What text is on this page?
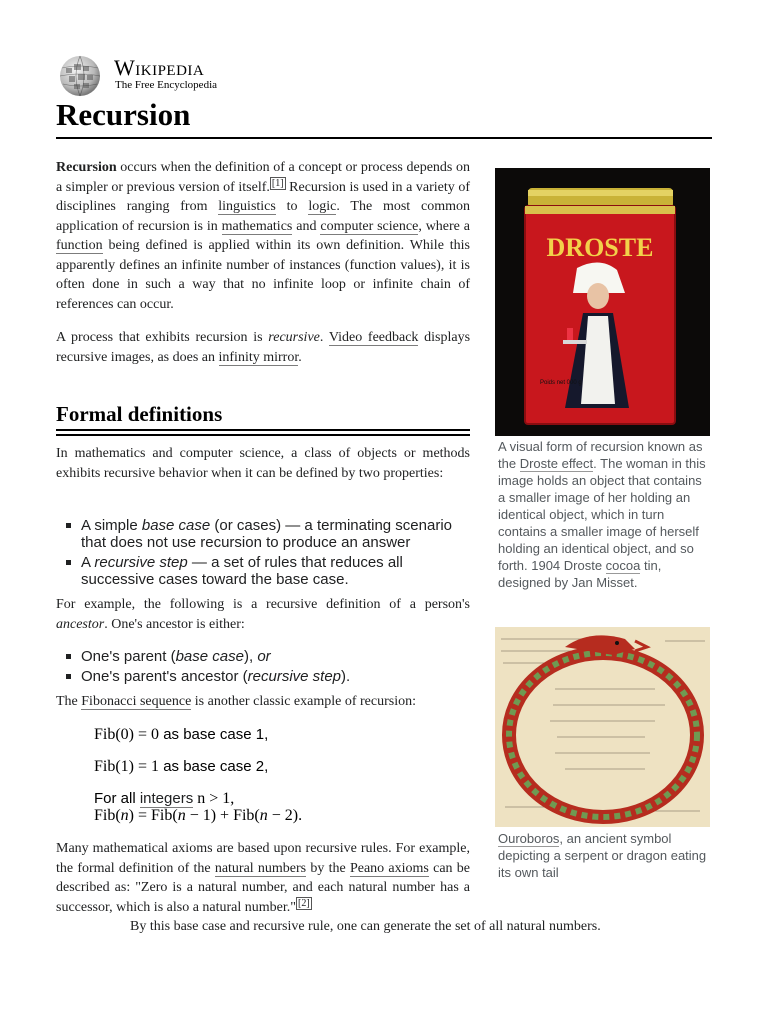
Wikipedia
The Free Encyclopedia
Recursion

Recursion occurs when the definition of a concept or process depends on a simpler or previous version of itself. [1] Recursion is used in a variety of disciplines ranging from linguistics to logic. The most common application of recursion is in mathematics and computer science, where a function being defined is applied within its own definition. While this apparently defines an infinite number of instances (function values), it is often done in such a way that no infinite loop or infinite chain of references can occur.

A process that exhibits recursion is recursive. Video feedback displays recursive images, as does an infinity mirror.

Formal definitions

In mathematics and computer science, a class of objects or methods exhibits recursive behavior when it can be defined by two properties:

A simple base case (or cases) — a terminating scenario that does not use recursion to produce an answer
A recursive step — a set of rules that reduces all successive cases toward the base case.

For example, the following is a recursive definition of a person's ancestor. One's ancestor is either:

One's parent (base case), or
One's parent's ancestor (recursive step).

The Fibonacci sequence is another classic example of recursion:

Fib(0) = 0 as base case 1,
Fib(1) = 1 as base case 2,
For all integers n > 1,
Fib(n) = Fib(n − 1) + Fib(n − 2).

Many mathematical axioms are based upon recursive rules. For example, the formal definition of the natural numbers by the Peano axioms can be described as: "Zero is a natural number, and each natural number has a successor, which is also a natural number." [2]

By this base case and recursive rule, one can generate the set of all natural numbers.

DROSTE
Poids net 000 g

A visual form of recursion known as the Droste effect. The woman in this image holds an object that contains a smaller image of her holding an identical object, which in turn contains a smaller image of herself holding an identical object, and so forth. 1904 Droste cocoa tin, designed by Jan Misset.

Ouroboros, an ancient symbol depicting a serpent or dragon eating its own tail
